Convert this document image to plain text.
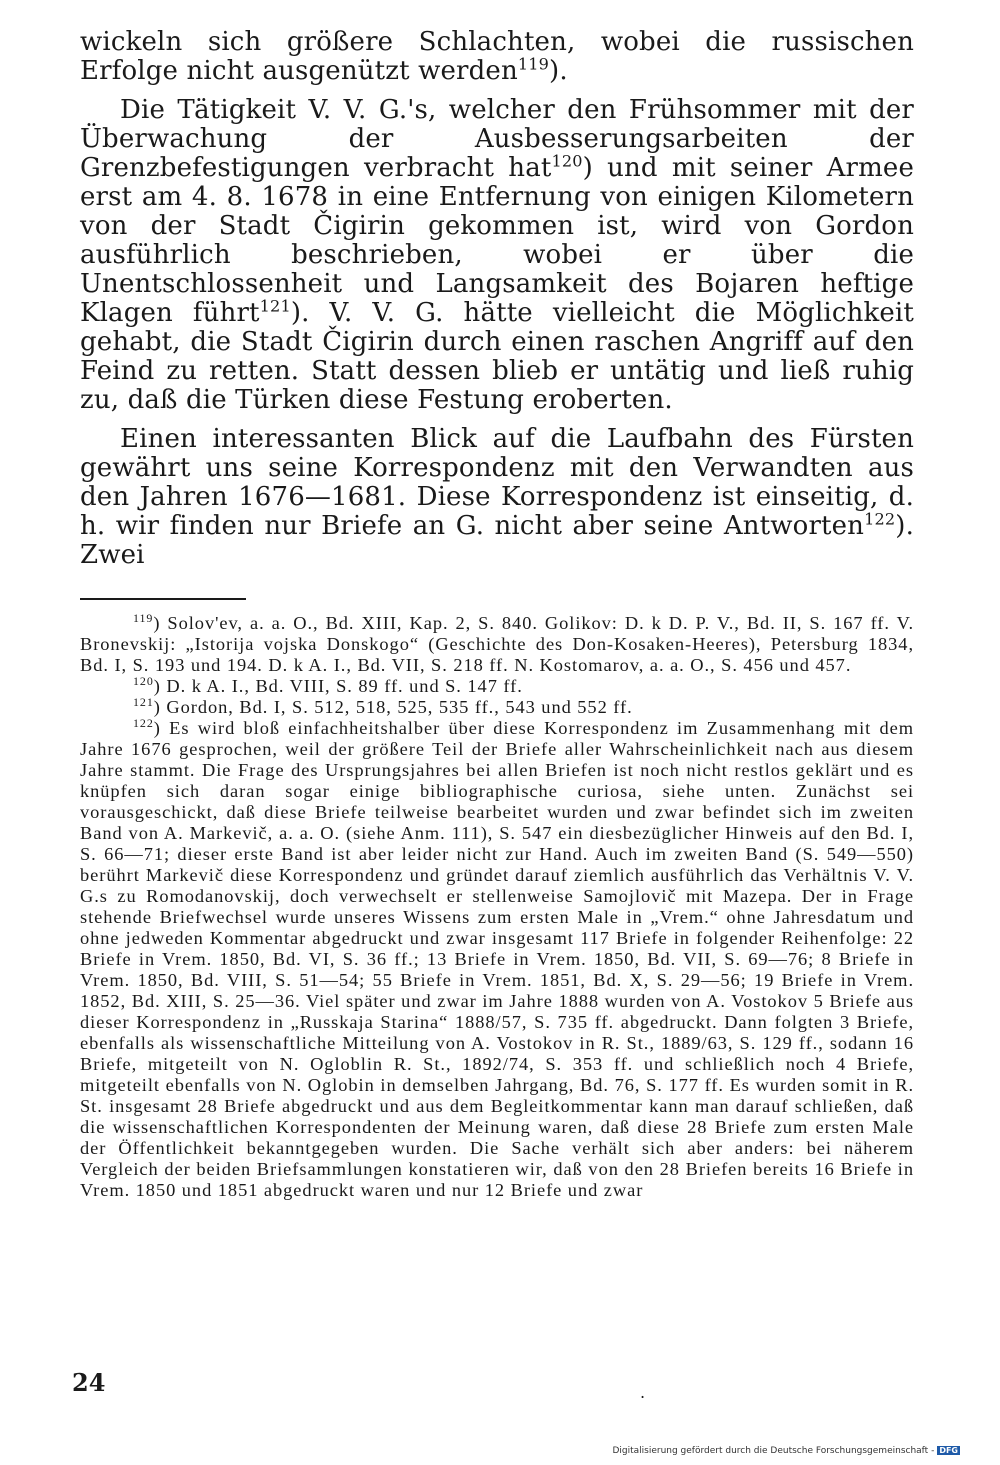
wickeln sich größere Schlachten, wobei die russischen Erfolge nicht ausgenützt werden$^{119}$).

Die Tätigkeit V. V. G.'s, welcher den Frühsommer mit der Überwachung der Ausbesserungsarbeiten der Grenzbefestigungen verbracht hat$^{120}$) und mit seiner Armee erst am 4. 8. 1678 in eine Entfernung von einigen Kilometern von der Stadt Čigirin gekommen ist, wird von Gordon ausführlich beschrieben, wobei er über die Unentschlossenheit und Langsamkeit des Bojaren heftige Klagen führt$^{121}$). V. V. G. hätte vielleicht die Möglichkeit gehabt, die Stadt Čigirin durch einen raschen Angriff auf den Feind zu retten. Statt dessen blieb er untätig und ließ ruhig zu, daß die Türken diese Festung eroberten.

Einen interessanten Blick auf die Laufbahn des Fürsten gewährt uns seine Korrespondenz mit den Verwandten aus den Jahren 1676—1681. Diese Korrespondenz ist einseitig, d. h. wir finden nur Briefe an G. nicht aber seine Antworten$^{122}$). Zwei

$^{119}$) Solov'ev, a. a. O., Bd. XIII, Kap. 2, S. 840. Golikov: D. k D. P. V., Bd. II, S. 167 ff. V. Bronevskij: „Istorija vojska Donskogo“ (Geschichte des Don-Kosaken-Heeres), Petersburg 1834, Bd. I, S. 193 und 194. D. k A. I., Bd. VII, S. 218 ff. N. Kostomarov, a. a. O., S. 456 und 457.

$^{120}$) D. k A. I., Bd. VIII, S. 89 ff. und S. 147 ff.

$^{121}$) Gordon, Bd. I, S. 512, 518, 525, 535 ff., 543 und 552 ff.

$^{122}$) Es wird bloß einfachheitshalber über diese Korrespondenz im Zusammenhang mit dem Jahre 1676 gesprochen, weil der größere Teil der Briefe aller Wahrscheinlichkeit nach aus diesem Jahre stammt. Die Frage des Ursprungsjahres bei allen Briefen ist noch nicht restlos geklärt und es knüpfen sich daran sogar einige bibliographische curiosa, siehe unten. Zunächst sei vorausgeschickt, daß diese Briefe teilweise bearbeitet wurden und zwar befindet sich im zweiten Band von A. Markevič, a. a. O. (siehe Anm. 111), S. 547 ein diesbezüglicher Hinweis auf den Bd. I, S. 66—71; dieser erste Band ist aber leider nicht zur Hand. Auch im zweiten Band (S. 549—550) berührt Markevič diese Korrespondenz und gründet darauf ziemlich ausführlich das Verhältnis V. V. G.s zu Romodanovskij, doch verwechselt er stellenweise Samojlovič mit Mazepa. Der in Frage stehende Briefwechsel wurde unseres Wissens zum ersten Male in „Vrem.“ ohne Jahresdatum und ohne jedweden Kommentar abgedruckt und zwar insgesamt 117 Briefe in folgender Reihenfolge: 22 Briefe in Vrem. 1850, Bd. VI, S. 36 ff.; 13 Briefe in Vrem. 1850, Bd. VII, S. 69—76; 8 Briefe in Vrem. 1850, Bd. VIII, S. 51—54; 55 Briefe in Vrem. 1851, Bd. X, S. 29—56; 19 Briefe in Vrem. 1852, Bd. XIII, S. 25—36. Viel später und zwar im Jahre 1888 wurden von A. Vostokov 5 Briefe aus dieser Korrespondenz in „Russkaja Starina“ 1888/57, S. 735 ff. abgedruckt. Dann folgten 3 Briefe, ebenfalls als wissenschaftliche Mitteilung von A. Vostokov in R. St., 1889/63, S. 129 ff., sodann 16 Briefe, mitgeteilt von N. Oglоblin R. St., 1892/74, S. 353 ff. und schließlich noch 4 Briefe, mitgeteilt ebenfalls von N. Oglobin in demselben Jahrgang, Bd. 76, S. 177 ff. Es wurden somit in R. St. insgesamt 28 Briefe abgedruckt und aus dem Begleitkommentar kann man darauf schließen, daß die wissenschaftlichen Korrespondenten der Meinung waren, daß diese 28 Briefe zum ersten Male der Öffentlichkeit bekanntgegeben wurden. Die Sache verhält sich aber anders: bei näherem Vergleich der beiden Briefsammlungen konstatieren wir, daß von den 28 Briefen bereits 16 Briefe in Vrem. 1850 und 1851 abgedruckt waren und nur 12 Briefe und zwar

24	.
Digitalisierung gefördert durch die Deutsche Forschungsgemeinschaft - DFG
